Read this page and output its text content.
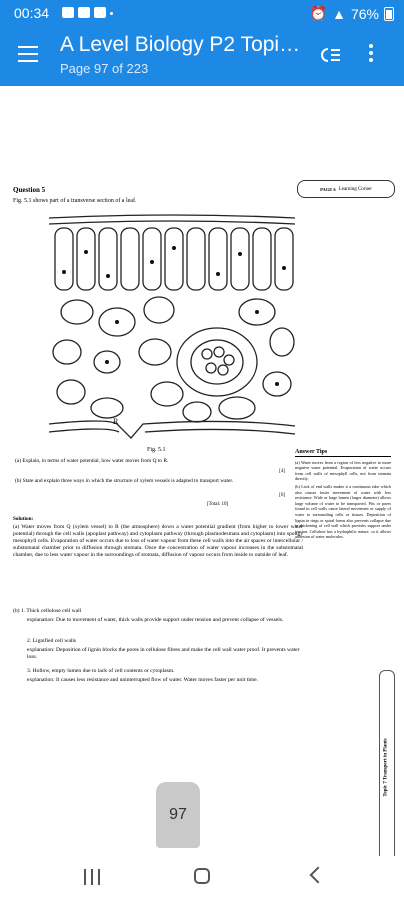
00:34	⏰ ▲ 76%
A Level Biology P2 Topi…
Page 97 of 223
Question 5	PAGE 6 Learning Corner
Fig. 5.1 shows part of a transverse section of a leaf.
R
Fig. 5.1
(a) Explain, in terms of water potential, how water moves from Q to R.
[4]
(b) State and explain three ways in which the structure of xylem vessels is adapted to transport water.
[6]
[Total: 10]
Answer Tips
(a) Water moves from a region of less negative to more negative water potential. Evaporation of water occurs from cell walls of mesophyll cells, not from stomata directly.
(b) Lack of end walls makes it a continuous tube which also causes faster movement of water with less resistance. Wide or large lumen (larger diameter) allows large volume of water to be transported. Pits or pores found in cell walls cause lateral movement or supply of water to surrounding cells or tissues. Deposition of lignin in rings or spiral forms also prevents collapse due to thickening of cell wall which provides support under tension. Cellulose has a hydrophilic nature, so it allows adhesion of water molecules.
Solution:
(a) Water moves from Q (xylem vessel) to R (the atmosphere) down a water potential gradient (from higher to lower water potential) through the cell walls (apoplast pathway) and cytoplasm pathway (through plasmodesmata and cytoplasm) into spongy mesophyll cells. Evaporation of water occurs due to loss of water vapour from these cell walls into the air spaces or intercellular / substomatal chamber prior to diffusion through stomata. Once the concentration of water vapour increases in the substomatal chamber, due to less water vapour in the surroundings of stomata, diffusion of vapour occurs from inside to outside of leaf.
(b) 1. Thick cellulose cell wall
explanation: Due to movement of water, thick walls provide support under tension and prevent collapse of vessels.
2. Lignified cell walls
explanation: Deposition of lignin blocks the pores in cellulose fibres and make the cell wall water proof. It prevents water loss.
3. Hollow, empty lumen due to lack of cell contents or cytoplasm.
explanation: It causes less resistance and uninterrupted flow of water. Water moves faster per unit time.
Topic 7 Transport in Plants
97
